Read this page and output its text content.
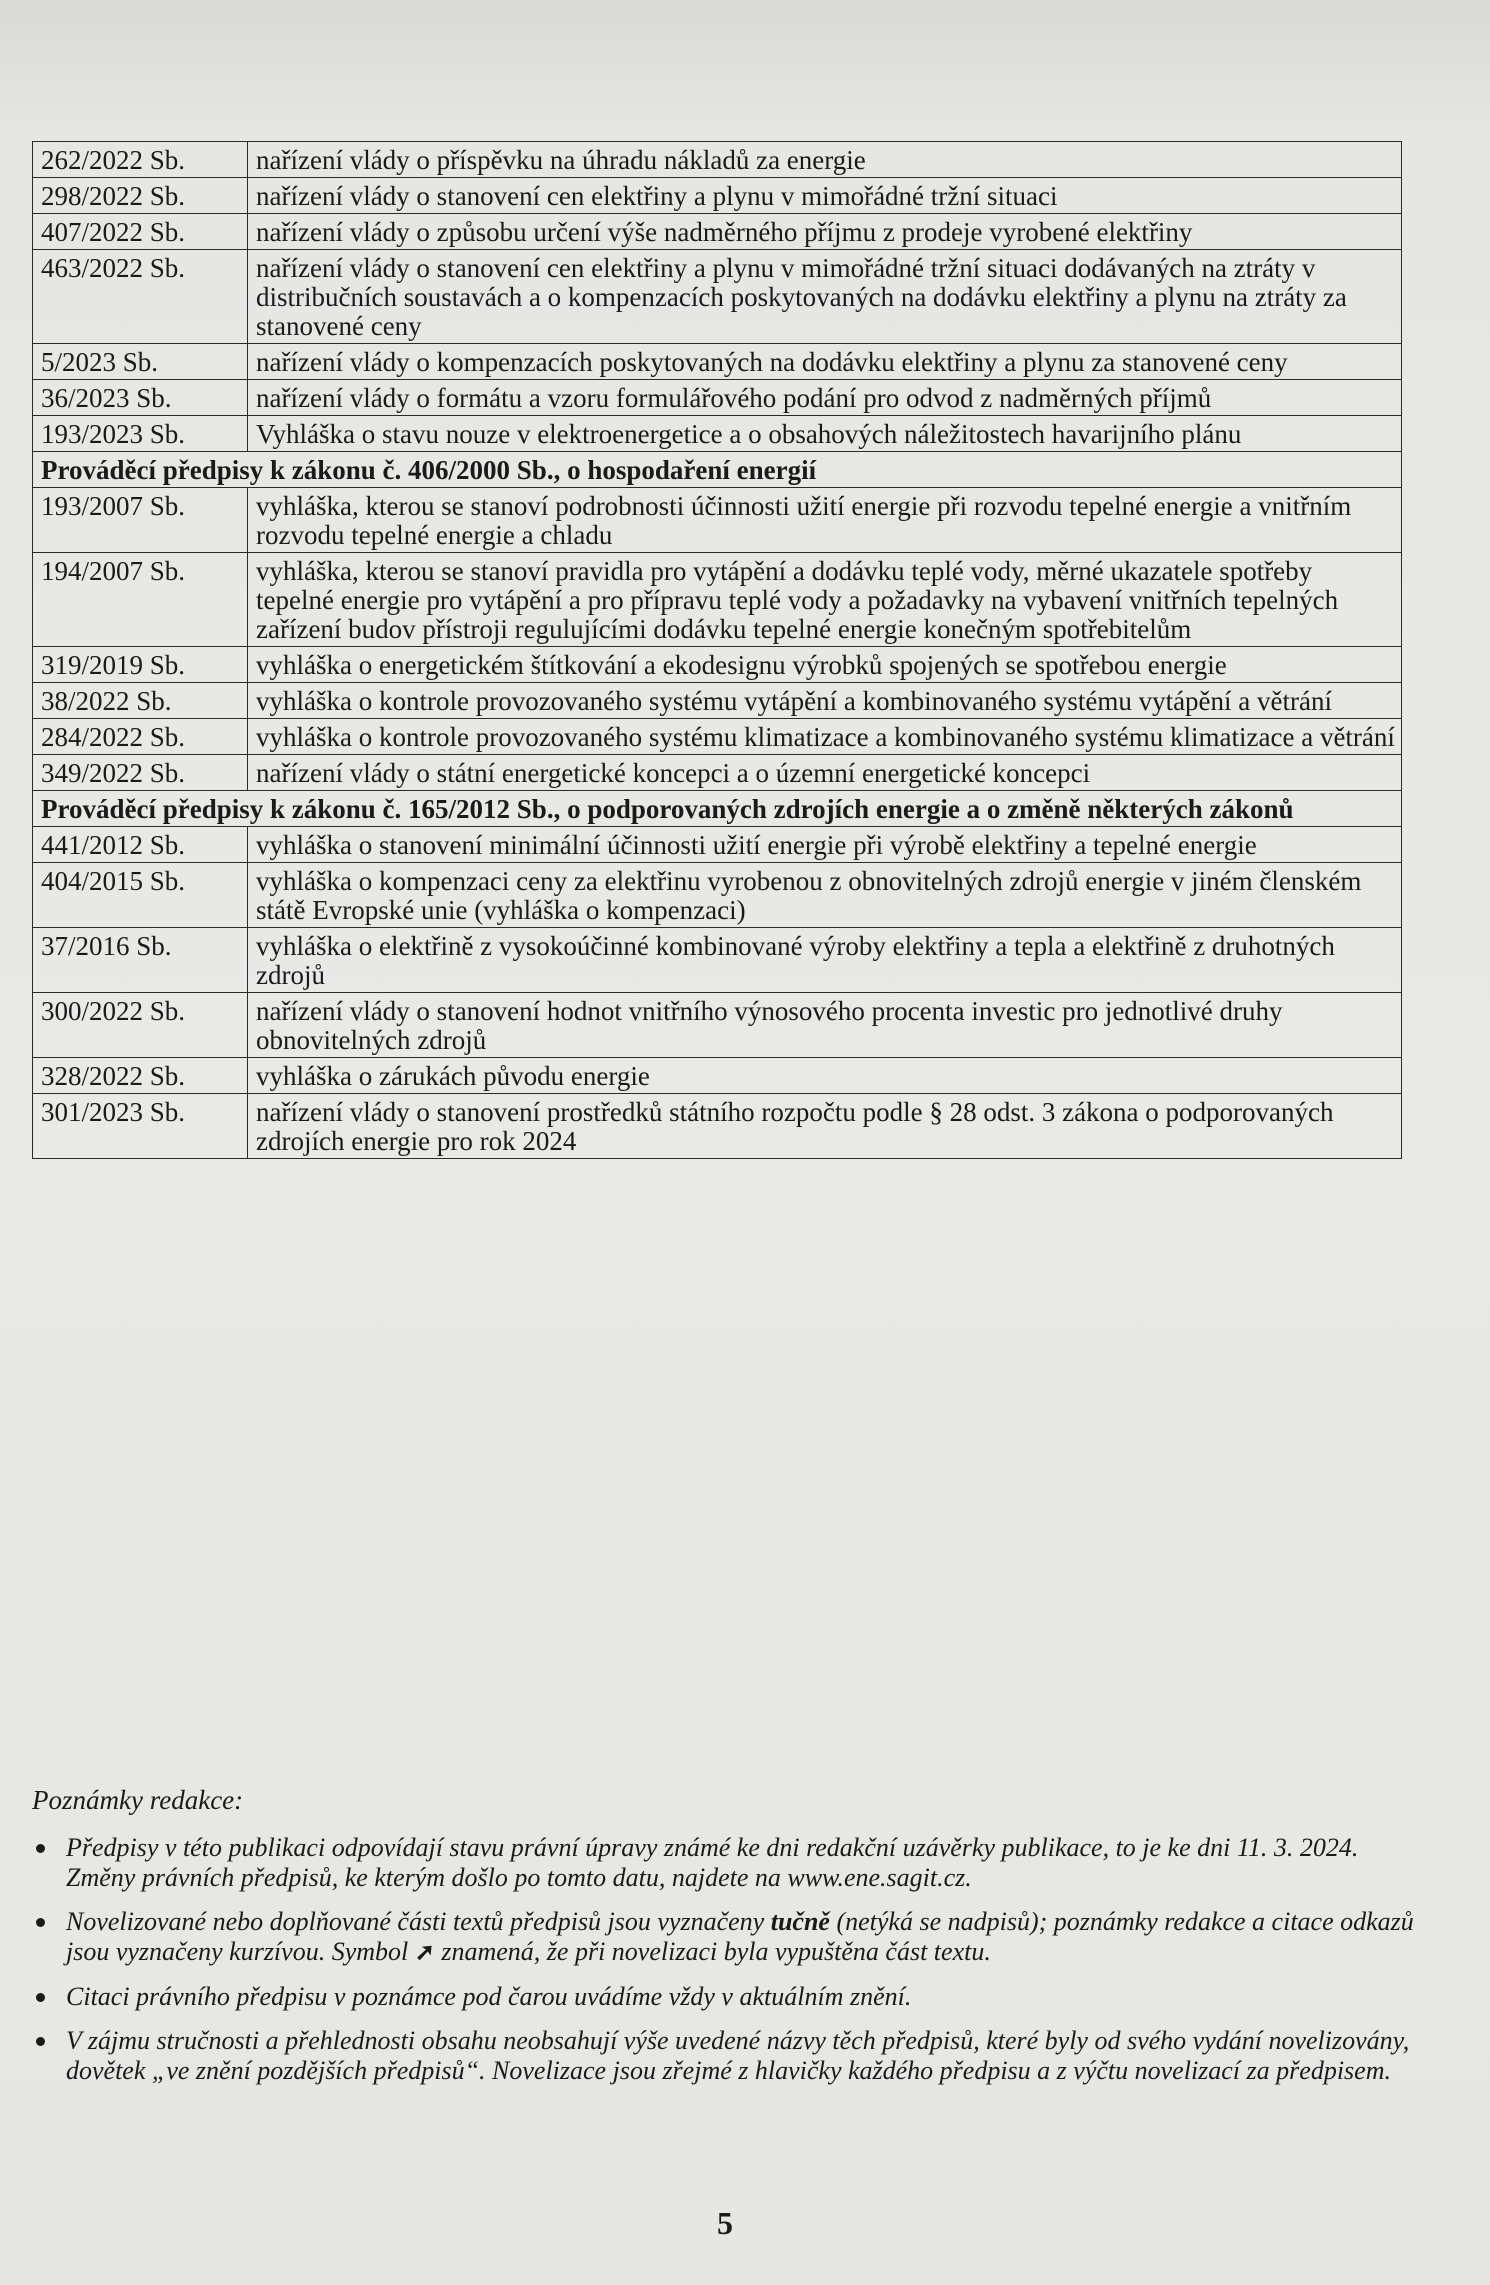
262/2022 Sb.	nařízení vlády o příspěvku na úhradu nákladů za energie
298/2022 Sb.	nařízení vlády o stanovení cen elektřiny a plynu v mimořádné tržní situaci
407/2022 Sb.	nařízení vlády o způsobu určení výše nadměrného příjmu z prodeje vyrobené elektřiny
463/2022 Sb.	nařízení vlády o stanovení cen elektřiny a plynu v mimořádné tržní situaci dodávaných na ztráty v distribučních soustavách a o kompenzacích poskytovaných na dodávku elektřiny a plynu na ztráty za stanovené ceny
5/2023 Sb.	nařízení vlády o kompenzacích poskytovaných na dodávku elektřiny a plynu za stanovené ceny
36/2023 Sb.	nařízení vlády o formátu a vzoru formulářového podání pro odvod z nadměrných příjmů
193/2023 Sb.	Vyhláška o stavu nouze v elektroenergetice a o obsahových náležitostech havarijního plánu
Prováděcí předpisy k zákonu č. 406/2000 Sb., o hospodaření energií	
193/2007 Sb.	vyhláška, kterou se stanoví podrobnosti účinnosti užití energie při rozvodu tepelné energie a vnitřním rozvodu tepelné energie a chladu
194/2007 Sb.	vyhláška, kterou se stanoví pravidla pro vytápění a dodávku teplé vody, měrné ukazatele spotřeby tepelné energie pro vytápění a pro přípravu teplé vody a požadavky na vybavení vnitřních tepelných zařízení budov přístroji regulujícími dodávku tepelné energie konečným spotřebitelům
319/2019 Sb.	vyhláška o energetickém štítkování a ekodesignu výrobků spojených se spotřebou energie
38/2022 Sb.	vyhláška o kontrole provozovaného systému vytápění a kombinovaného systému vytápění a větrání
284/2022 Sb.	vyhláška o kontrole provozovaného systému klimatizace a kombinovaného systému klimatizace a větrání
349/2022 Sb.	nařízení vlády o státní energetické koncepci a o územní energetické koncepci
Prováděcí předpisy k zákonu č. 165/2012 Sb., o podporovaných zdrojích energie a o změně některých zákonů	
441/2012 Sb.	vyhláška o stanovení minimální účinnosti užití energie při výrobě elektřiny a tepelné energie
404/2015 Sb.	vyhláška o kompenzaci ceny za elektřinu vyrobenou z obnovitelných zdrojů energie v jiném členském státě Evropské unie (vyhláška o kompenzaci)
37/2016 Sb.	vyhláška o elektřině z vysokoúčinné kombinované výroby elektřiny a tepla a elektřině z druhotných zdrojů
300/2022 Sb.	nařízení vlády o stanovení hodnot vnitřního výnosového procenta investic pro jednotlivé druhy obnovitelných zdrojů
328/2022 Sb.	vyhláška o zárukách původu energie
301/2023 Sb.	nařízení vlády o stanovení prostředků státního rozpočtu podle § 28 odst. 3 zákona o podporovaných zdrojích energie pro rok 2024

Poznámky redakce:

Předpisy v této publikaci odpovídají stavu právní úpravy známé ke dni redakční uzávěrky publikace, to je ke dni 11. 3. 2024. Změny právních předpisů, ke kterým došlo po tomto datu, najdete na www.ene.sagit.cz.
Novelizované nebo doplňované části textů předpisů jsou vyznačeny tučně (netýká se nadpisů); poznámky redakce a citace odkazů jsou vyznačeny kurzívou. Symbol ➚ znamená, že při novelizaci byla vypuštěna část textu.
Citaci právního předpisu v poznámce pod čarou uvádíme vždy v aktuálním znění.
V zájmu stručnosti a přehlednosti obsahu neobsahují výše uvedené názvy těch předpisů, které byly od svého vydání novelizovány, dovětek „ve znění pozdějších předpisů“. Novelizace jsou zřejmé z hlavičky každého předpisu a z výčtu novelizací za předpisem.
5
